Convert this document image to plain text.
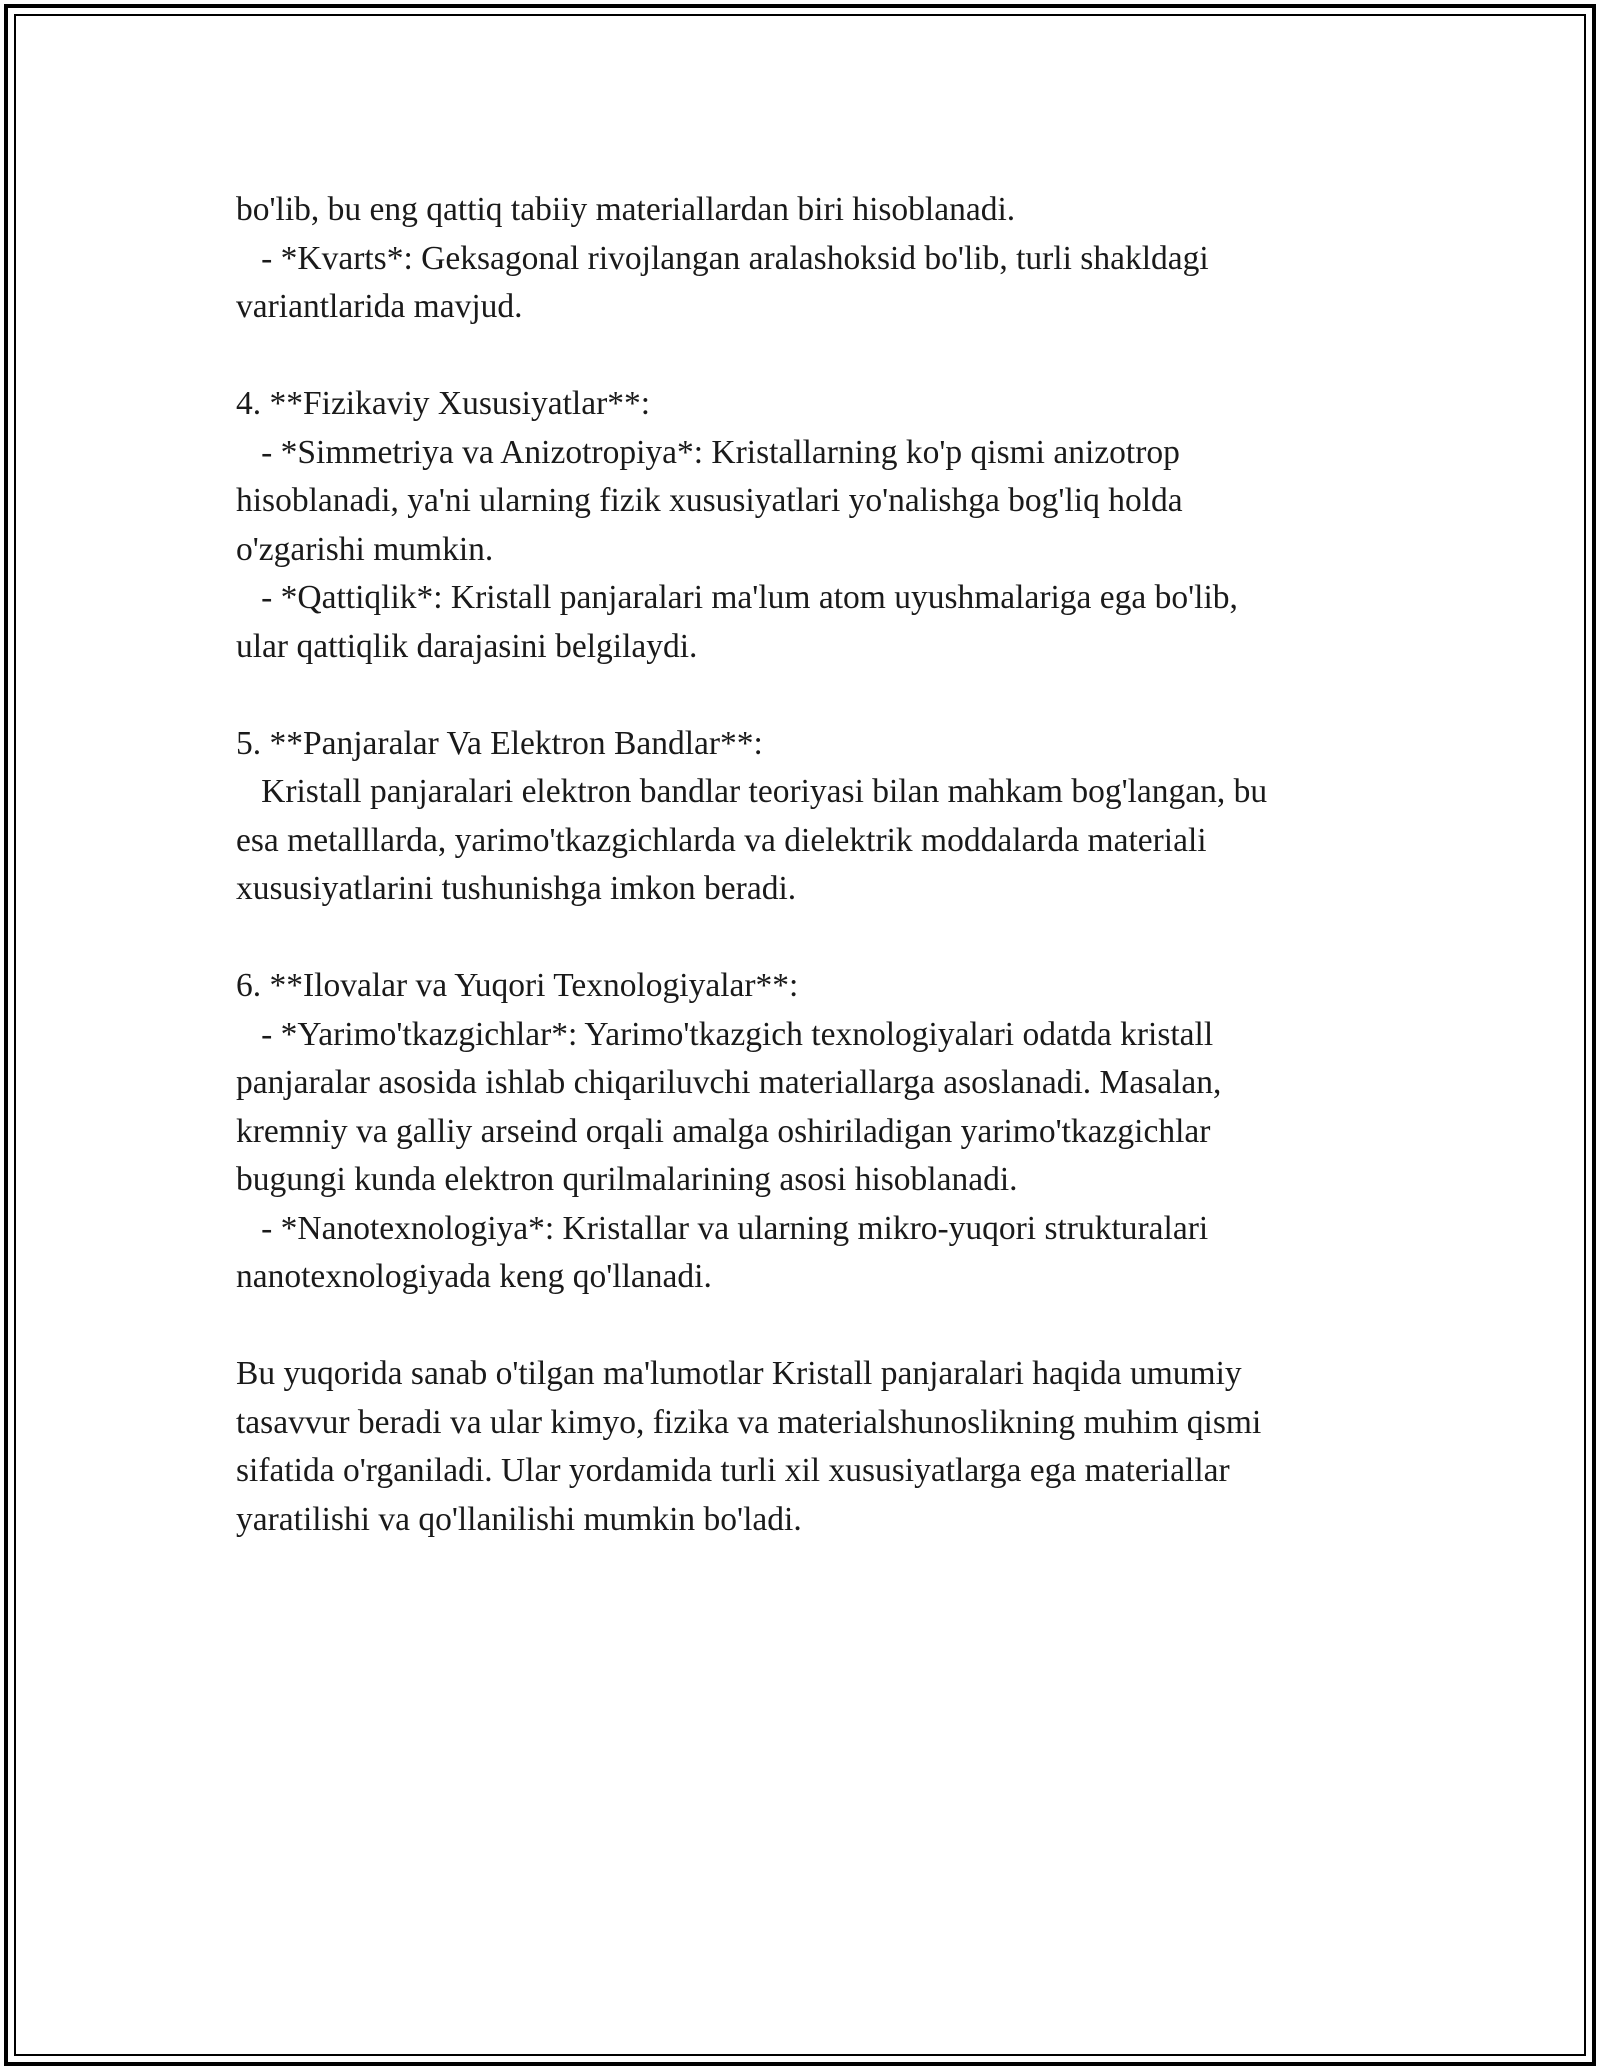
bo'lib, bu eng qattiq tabiiy materiallardan biri hisoblanadi.
- *Kvarts*: Geksagonal rivojlangan aralashoksid bo'lib, turli shakldagi
variantlarida mavjud.
4. **Fizikaviy Xususiyatlar**:
- *Simmetriya va Anizotropiya*: Kristallarning ko'p qismi anizotrop
hisoblanadi, ya'ni ularning fizik xususiyatlari yo'nalishga bog'liq holda
o'zgarishi mumkin.
- *Qattiqlik*: Kristall panjaralari ma'lum atom uyushmalariga ega bo'lib,
ular qattiqlik darajasini belgilaydi.
5. **Panjaralar Va Elektron Bandlar**:
Kristall panjaralari elektron bandlar teoriyasi bilan mahkam bog'langan, bu
esa metalllarda, yarimo'tkazgichlarda va dielektrik moddalarda materiali
xususiyatlarini tushunishga imkon beradi.
6. **Ilovalar va Yuqori Texnologiyalar**:
- *Yarimo'tkazgichlar*: Yarimo'tkazgich texnologiyalari odatda kristall
panjaralar asosida ishlab chiqariluvchi materiallarga asoslanadi. Masalan,
kremniy va galliy arseind orqali amalga oshiriladigan yarimo'tkazgichlar
bugungi kunda elektron qurilmalarining asosi hisoblanadi.
- *Nanotexnologiya*: Kristallar va ularning mikro-yuqori strukturalari
nanotexnologiyada keng qo'llanadi.
Bu yuqorida sanab o'tilgan ma'lumotlar Kristall panjaralari haqida umumiy
tasavvur beradi va ular kimyo, fizika va materialshunoslikning muhim qismi
sifatida o'rganiladi. Ular yordamida turli xil xususiyatlarga ega materiallar
yaratilishi va qo'llanilishi mumkin bo'ladi.
